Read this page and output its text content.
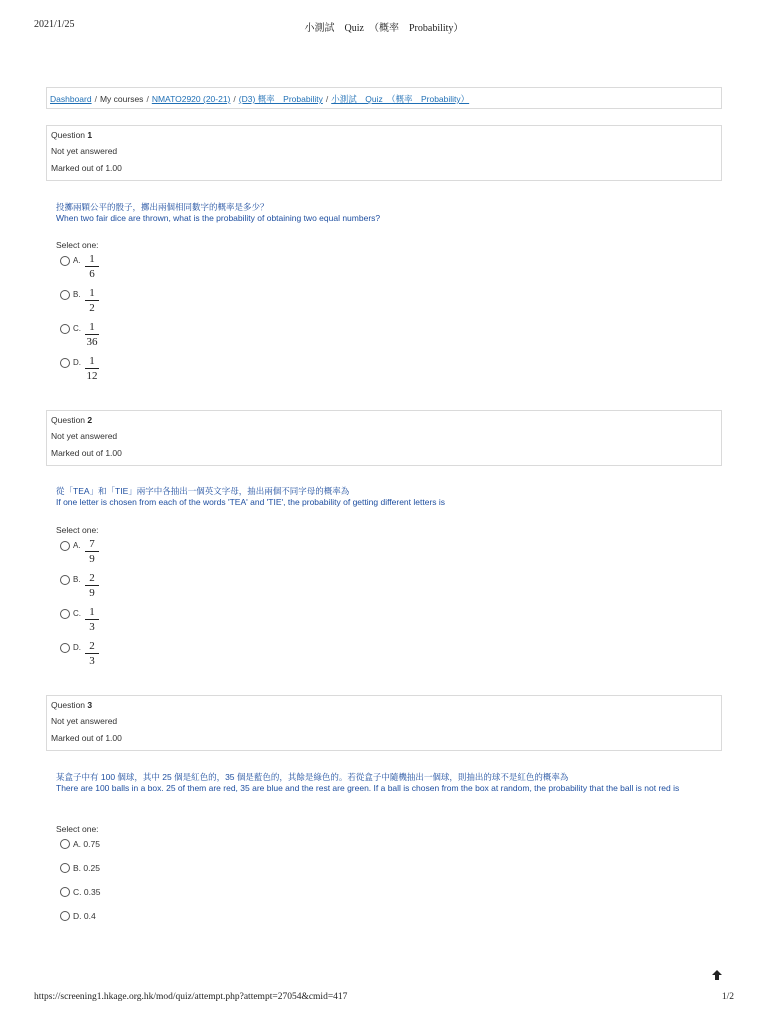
2021/1/25	小測試　Quiz　（概率　Probability）
Dashboard / My courses / NMATO2920 (20-21) / (D3) 概率　Probability / 小測試　Quiz　（概率　Probability）
Question 1
Not yet answered
Marked out of 1.00
投擲兩顆公平的骰子，擲出兩個相同數字的概率是多少？
When two fair dice are thrown, what is the probability of obtaining two equal numbers?
Select one:
A. 1
6
B. 1
2
C. 1
36
D. 1
12
Question 2
Not yet answered
Marked out of 1.00
從「TEA」和「TIE」兩字中各抽出一個英文字母，抽出兩個不同字母的概率為
If one letter is chosen from each of the words 'TEA' and 'TIE', the probability of getting different letters is
Select one:
A. 7
9
B. 2
9
C. 1
3
D. 2
3
Question 3
Not yet answered
Marked out of 1.00
某盒子中有 100 個球，其中 25 個是紅色的，35 個是藍色的，其餘是綠色的。若從盒子中隨機抽出一個球，則抽出的球不是紅色的概率為
There are 100 balls in a box. 25 of them are red, 35 are blue and the rest are green. If a ball is chosen from the box at random, the probability that the ball is not red is
Select one:
A. 0.75
B. 0.25
C. 0.35
D. 0.4
https://screening1.hkage.org.hk/mod/quiz/attempt.php?attempt=27054&cmid=417	1/2
